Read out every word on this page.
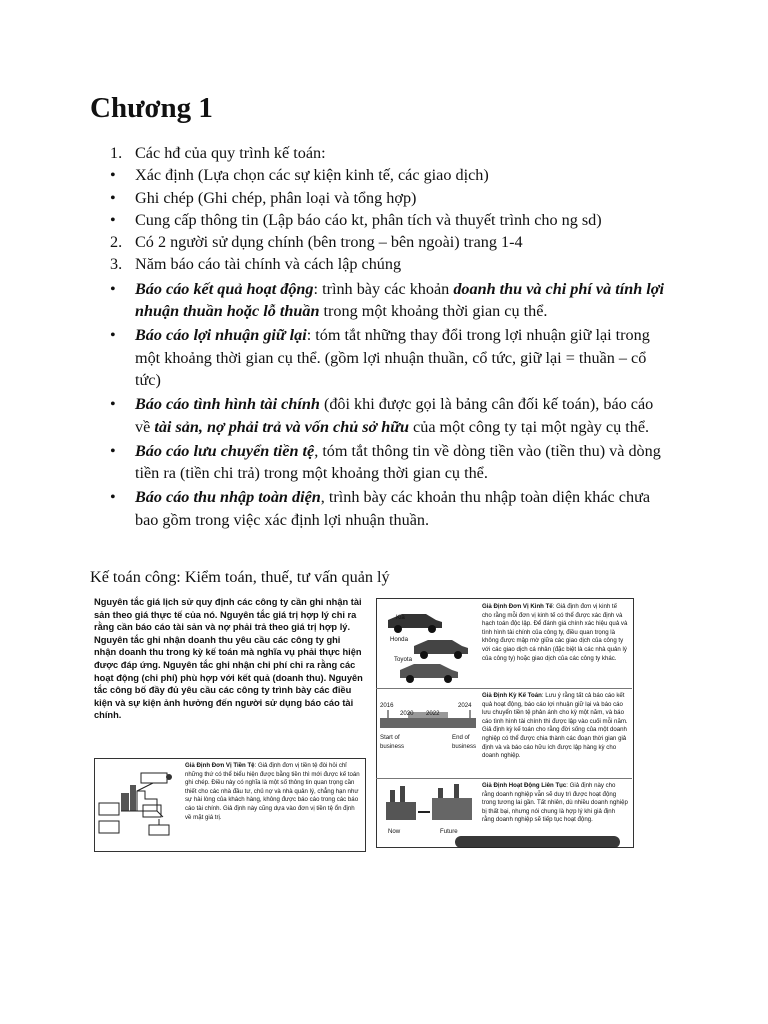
Chương 1
1. Các hđ của quy trình kế toán:
•	Xác định (Lựa chọn các sự kiện kinh tế, các giao dịch)
•	Ghi chép (Ghi chép, phân loại và tổng hợp)
•	Cung cấp thông tin (Lập báo cáo kt, phân tích và thuyết trình cho ng sd)
2. Có 2 người sử dụng chính (bên trong – bên ngoài) trang 1-4
3. Năm báo cáo tài chính và cách lập chúng
•	Báo cáo kết quả hoạt động: trình bày các khoản doanh thu và chi phí và tính lợi nhuận thuần hoặc lỗ thuần trong một khoảng thời gian cụ thể.
•	Báo cáo lợi nhuận giữ lại: tóm tắt những thay đổi trong lợi nhuận giữ lại trong một khoảng thời gian cụ thể. (gồm lợi nhuận thuần, cổ tức, giữ lại = thuần – cổ tức)
•	Báo cáo tình hình tài chính (đôi khi được gọi là bảng cân đối kế toán), báo cáo về tài sản, nợ phải trả và vốn chủ sở hữu của một công ty tại một ngày cụ thể.
•	Báo cáo lưu chuyển tiền tệ, tóm tắt thông tin về dòng tiền vào (tiền thu) và dòng tiền ra (tiền chi trả) trong một khoảng thời gian cụ thể.
•	Báo cáo thu nhập toàn diện, trình bày các khoản thu nhập toàn diện khác chưa bao gồm trong việc xác định lợi nhuận thuần.
Kế toán công: Kiểm toán, thuế, tư vấn quản lý
Nguyên tắc giá lịch sử quy định các công ty cần ghi nhận tài sản theo giá thực tế của nó. Nguyên tắc giá trị hợp lý chỉ ra rằng cần báo cáo tài sản và nợ phải trả theo giá trị hợp lý. Nguyên tắc ghi nhận doanh thu yêu cầu các công ty ghi nhận doanh thu trong kỳ kế toán mà nghĩa vụ phải thực hiện được đáp ứng. Nguyên tắc ghi nhận chi phí chỉ ra rằng các hoạt động (chi phí) phù hợp với kết quả (doanh thu). Nguyên tắc công bố đầy đủ yêu cầu các công ty trình bày các điều kiện và sự kiện ảnh hưởng đến người sử dụng báo cáo tài chính.
Giả Định Đơn Vị Tiền Tệ: Giả định đơn vị tiền tệ đòi hỏi chỉ những thứ có thể biểu hiện được bằng tiền thì mới được kế toán ghi chép. Điều này có nghĩa là một số thông tin quan trọng cần thiết cho các nhà đầu tư, chủ nợ và nhà quản lý, chẳng hạn như sự hài lòng của khách hàng, không được báo cáo trong các báo cáo tài chính. Giả định này cũng dựa vào đơn vị tiền tệ ổn định về mặt giá trị.
Kia
Honda
Toyota
Giả Định Đơn Vị Kinh Tế: Giả định đơn vị kinh tế cho rằng mỗi đơn vị kinh tế có thể được xác định và hạch toán độc lập. Để đánh giá chính xác hiệu quả và tình hình tài chính của công ty, điều quan trọng là không được mập mờ giữa các giao dịch của công ty với các giao dịch cá nhân (đặc biệt là các nhà quản lý của công ty) hoặc giao dịch của các công ty khác.
2016
2020 2022
2024
Start of business
End of business
Giả Định Kỳ Kế Toán: Lưu ý rằng tất cả báo cáo kết quả hoạt động, báo cáo lợi nhuận giữ lại và báo cáo lưu chuyển tiền tệ phản ánh cho kỳ một năm, và báo cáo tình hình tài chính thì được lập vào cuối mỗi năm. Giả định kỳ kế toán cho rằng đời sống của một doanh nghiệp có thể được chia thành các đoạn thời gian giả định và và báo cáo hữu ích được lập hàng kỳ cho doanh nghiệp.
Now	Future
Giả Định Hoạt Động Liên Tục: Giả định này cho rằng doanh nghiệp vẫn sẽ duy trì được hoạt động trong tương lai gần. Tất nhiên, dù nhiều doanh nghiệp bị thất bại, nhưng nói chung là hợp lý khi giả định rằng doanh nghiệp sẽ tiếp tục hoạt động.
